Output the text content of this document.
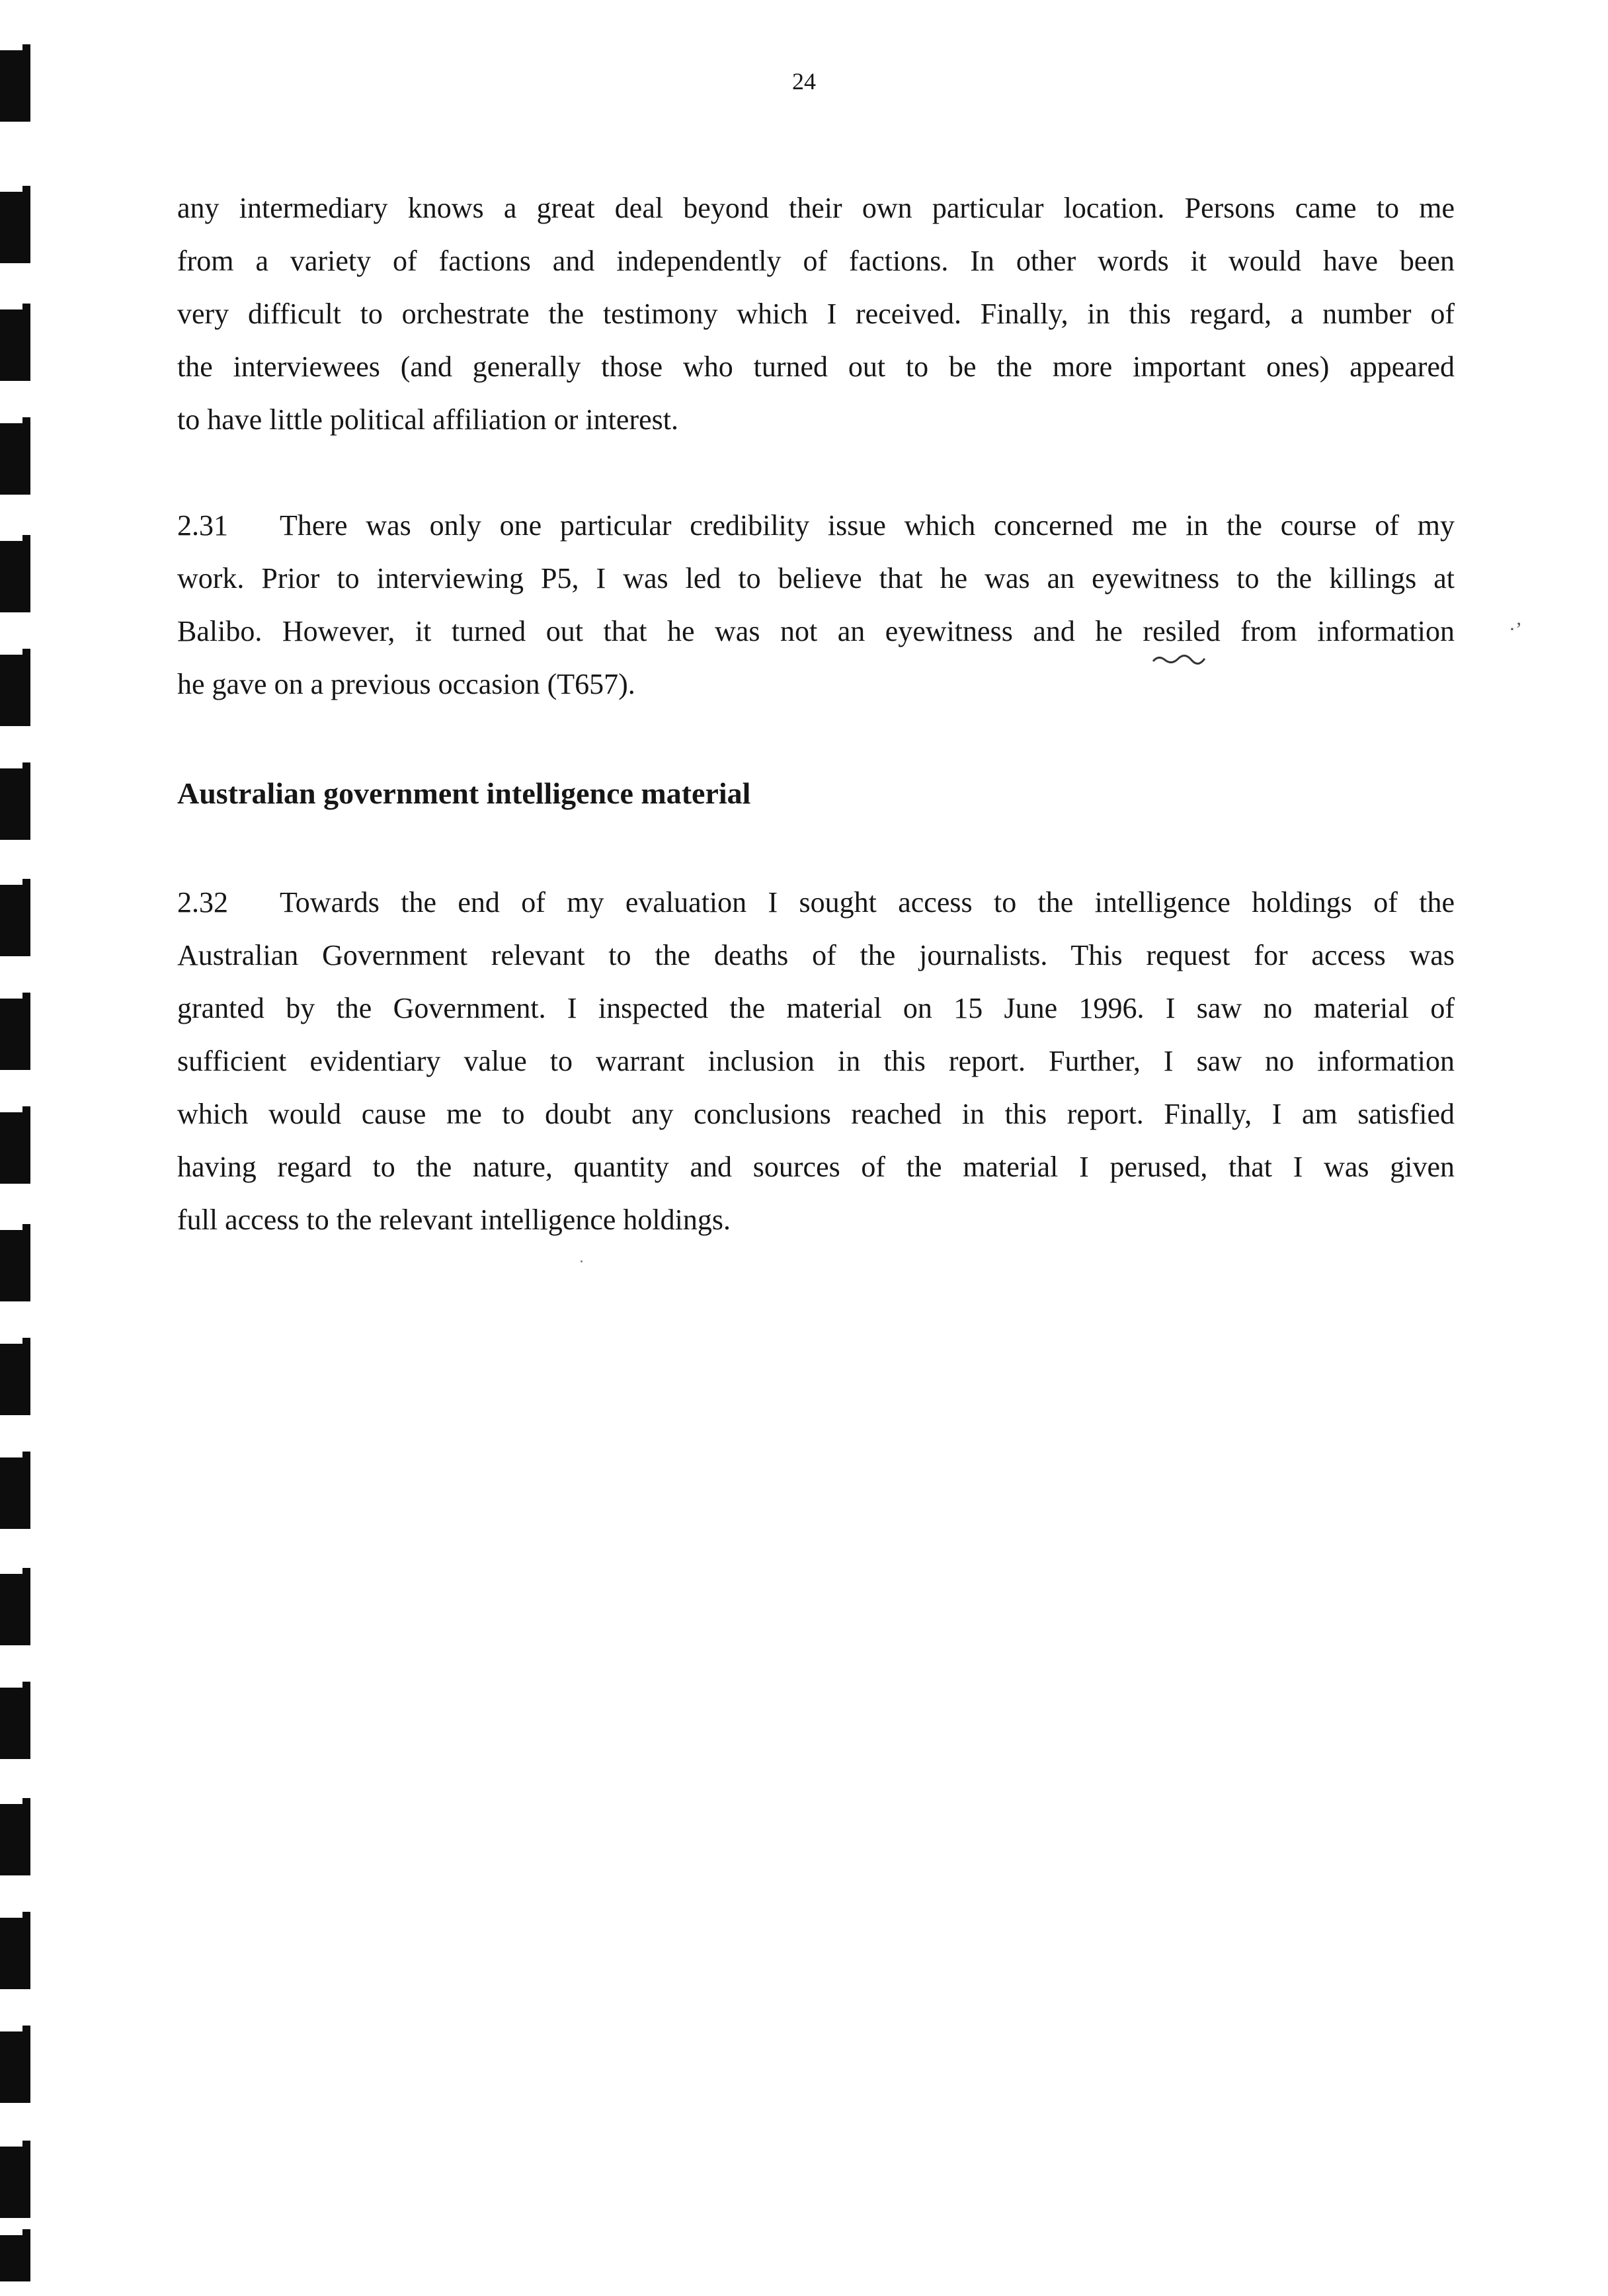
24
any intermediary knows a great deal beyond their own particular location. Persons came to me
from a variety of factions and independently of factions. In other words it would have been
very difficult to orchestrate the testimony which I received. Finally, in this regard, a number of
the interviewees (and generally those who turned out to be the more important ones) appeared
to have little political affiliation or interest.
2.31 There was only one particular credibility issue which concerned me in the course of my
work. Prior to interviewing P5, I was led to believe that he was an eyewitness to the killings at
Balibo. However, it turned out that he was not an eyewitness and he resiled from information
he gave on a previous occasion (T657).
·’
Australian government intelligence material
2.32 Towards the end of my evaluation I sought access to the intelligence holdings of the
Australian Government relevant to the deaths of the journalists. This request for access was
granted by the Government. I inspected the material on 15 June 1996. I saw no material of
sufficient evidentiary value to warrant inclusion in this report. Further, I saw no information
which would cause me to doubt any conclusions reached in this report. Finally, I am satisfied
having regard to the nature, quantity and sources of the material I perused, that I was given
full access to the relevant intelligence holdings.
